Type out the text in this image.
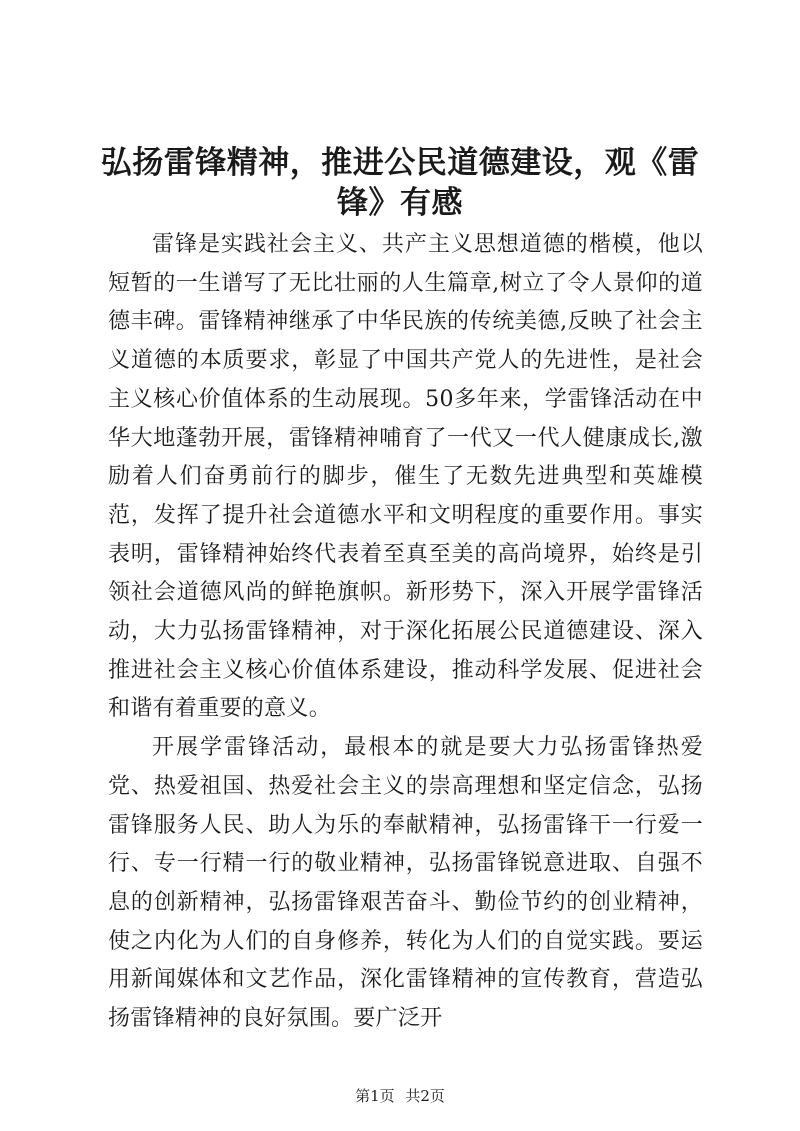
弘扬雷锋精神，推进公民道德建设，观《雷锋》有感

雷锋是实践社会主义、共产主义思想道德的楷模，他以短暂的一生谱写了无比壮丽的人生篇章,树立了令人景仰的道德丰碑。雷锋精神继承了中华民族的传统美德,反映了社会主义道德的本质要求，彰显了中国共产党人的先进性，是社会主义核心价值体系的生动展现。50多年来，学雷锋活动在中华大地蓬勃开展，雷锋精神哺育了一代又一代人健康成长,激励着人们奋勇前行的脚步，催生了无数先进典型和英雄模范，发挥了提升社会道德水平和文明程度的重要作用。事实表明，雷锋精神始终代表着至真至美的高尚境界，始终是引领社会道德风尚的鲜艳旗帜。新形势下，深入开展学雷锋活动，大力弘扬雷锋精神，对于深化拓展公民道德建设、深入推进社会主义核心价值体系建设，推动科学发展、促进社会和谐有着重要的意义。

开展学雷锋活动，最根本的就是要大力弘扬雷锋热爱党、热爱祖国、热爱社会主义的崇高理想和坚定信念，弘扬雷锋服务人民、助人为乐的奉献精神，弘扬雷锋干一行爱一行、专一行精一行的敬业精神，弘扬雷锋锐意进取、自强不息的创新精神，弘扬雷锋艰苦奋斗、勤俭节约的创业精神，使之内化为人们的自身修养，转化为人们的自觉实践。要运用新闻媒体和文艺作品，深化雷锋精神的宣传教育，营造弘扬雷锋精神的良好氛围。要广泛开

第1页 共2页
